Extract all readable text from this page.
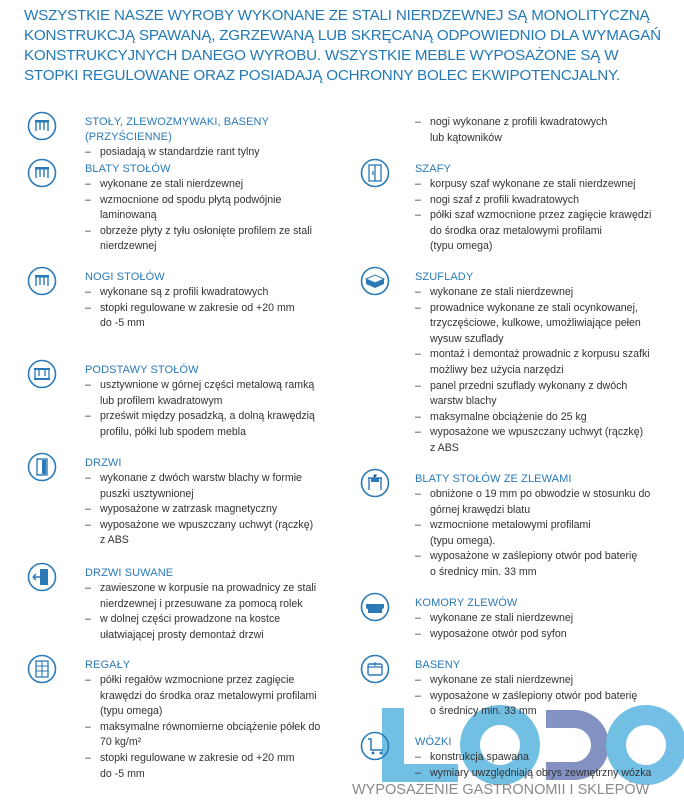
WSZYSTKIE NASZE WYROBY WYKONANE ZE STALI NIERDZEWNEJ SĄ MONOLITYCZNĄ KONSTRUKCJĄ SPAWANĄ, ZGRZEWANĄ LUB SKRĘCANĄ ODPOWIEDNIO DLA WYMAGAŃ KONSTRUKCYJNYCH DANEGO WYROBU. WSZYSTKIE MEBLE WYPOSAŻONE SĄ W STOPKI REGULOWANE ORAZ POSIADAJĄ OCHRONNY BOLEC EKWIPOTENCJALNY.
WYPOSAŻENIE GASTRONOMII I SKLEPÓW
STOŁY, ZLEWOZMYWAKI, BASENY (PRZYŚCIENNE)
– posiadają w standardzie rant tylny
BLATY STOŁÓW
– wykonane ze stali nierdzewnej
– wzmocnione od spodu płytą podwójnie
laminowaną
– obrzeże płyty z tyłu osłonięte profilem ze stali
nierdzewnej
NOGI STOŁÓW
– wykonane są z profili kwadratowych
– stopki regulowane w zakresie od +20 mm
do -5 mm
PODSTAWY STOŁÓW
– usztywnione w górnej części metalową ramką
lub profilem kwadratowym
– prześwit między posadzką, a dolną krawędzią
profilu, półki lub spodem mebla
DRZWI
– wykonane z dwóch warstw blachy w formie
puszki usztywnionej
– wyposażone w zatrzask magnetyczny
– wyposażone we wpuszczany uchwyt (rączkę)
z ABS
DRZWI SUWANE
– zawieszone w korpusie na prowadnicy ze stali
nierdzewnej i przesuwane za pomocą rolek
– w dolnej części prowadzone na kostce
ułatwiającej prosty demontaż drzwi
REGAŁY
– półki regałów wzmocnione przez zagięcie
krawędzi do środka oraz metalowymi profilami
(typu omega)
– maksymalne równomierne obciążenie półek do
70 kg/m²
– stopki regulowane w zakresie od +20 mm
do -5 mm
– nogi wykonane z profili kwadratowych
lub kątowników
SZAFY
– korpusy szaf wykonane ze stali nierdzewnej
– nogi szaf z profili kwadratowych
– półki szaf wzmocnione przez zagięcie krawędzi
do środka oraz metalowymi profilami
(typu omega)
SZUFLADY
– wykonane ze stali nierdzewnej
– prowadnice wykonane ze stali ocynkowanej,
trzyczęściowe, kulkowe, umożliwiające pełen
wysuw szuflady
– montaż i demontaż prowadnic z korpusu szafki
możliwy bez użycia narzędzi
– panel przedni szuflady wykonany z dwóch
warstw blachy
– maksymalne obciążenie do 25 kg
– wyposażone we wpuszczany uchwyt (rączkę)
z ABS
BLATY STOŁÓW ZE ZLEWAMI
– obniżone o 19 mm po obwodzie w stosunku do
górnej krawędzi blatu
– wzmocnione metalowymi profilami
(typu omega).
– wyposażone w zaślepiony otwór pod baterię
o średnicy min. 33 mm
KOMORY ZLEWÓW
– wykonane ze stali nierdzewnej
– wyposażone otwór pod syfon
BASENY
– wykonane ze stali nierdzewnej
– wyposażone w zaślepiony otwór pod baterię
o średnicy min. 33 mm
WÓZKI
– konstrukcja spawana
– wymiary uwzględniają obrys zewnętrzny wózka
